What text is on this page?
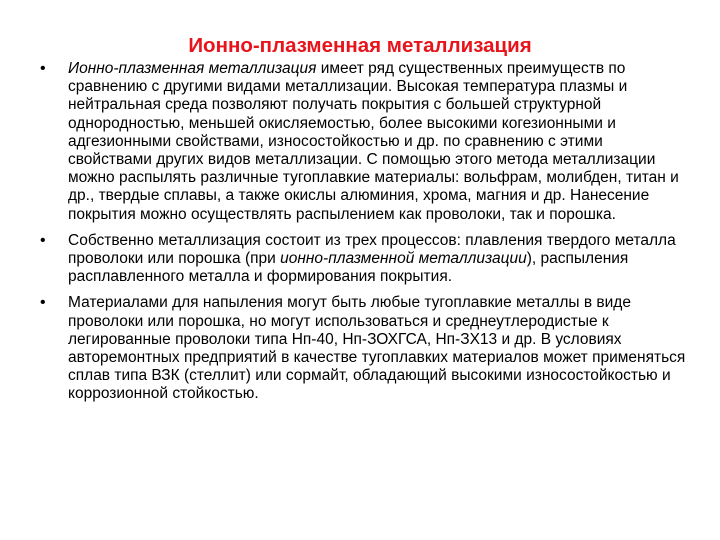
Ионно-плазменная металлизация
• Ионно-плазменная металлизация имеет ряд существенных преимуществ по сравнению с другими видами металлизации. Высокая температура плазмы и нейтральная среда позволяют получать покрытия с большей структурной однородностью, меньшей окисляемостью, более высокими когезионными и адгезионными свойствами, износостойкостью и др. по сравнению с этими свойствами других видов металлизации. С помощью этого метода металлизации можно распылять различные тугоплавкие материалы: вольфрам, молибден, титан и др., твердые сплавы, а также окислы алюминия, хрома, магния и др. Нанесение покрытия можно осуществлять распылением как проволоки, так и порошка.
• Собственно металлизация состоит из трех процессов: плавления твердого металла проволоки или порошка (при ионно-плазменной металлизации), распыления расплавленного металла и формирования покрытия.
• Материалами для напыления могут быть любые тугоплавкие металлы в виде проволоки или порошка, но могут использоваться и среднеутлеродистые к легированные проволоки типа Нп-40, Нп-ЗОХГСА, Нп-ЗХ13 и др. В условиях авторемонтных предприятий в качестве тугоплавких материалов может применяться сплав типа ВЗК (стеллит) или сормайт, обладающий высокими износостойкостью и коррозионной стойкостью.
